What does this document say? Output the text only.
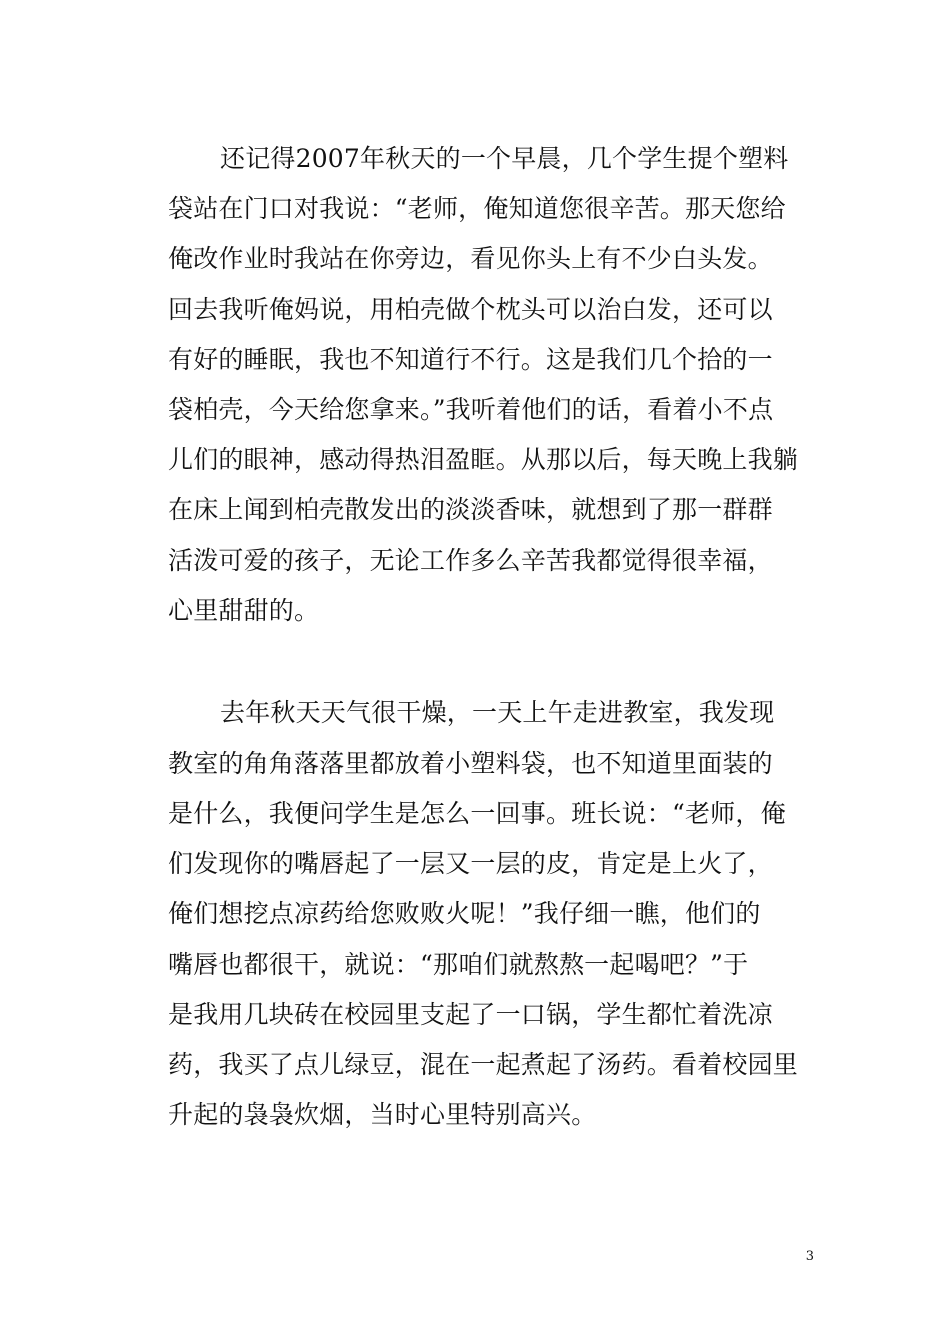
还记得2007年秋天的一个早晨，几个学生提个塑料
袋站在门口对我说：“老师，俺知道您很辛苦。那天您给
俺改作业时我站在你旁边，看见你头上有不少白头发。
回去我听俺妈说，用柏壳做个枕头可以治白发，还可以
有好的睡眠，我也不知道行不行。这是我们几个拾的一
袋柏壳，今天给您拿来。”我听着他们的话，看着小不点
儿们的眼神，感动得热泪盈眶。从那以后，每天晚上我躺
在床上闻到柏壳散发出的淡淡香味，就想到了那一群群
活泼可爱的孩子，无论工作多么辛苦我都觉得很幸福，
心里甜甜的。
去年秋天天气很干燥，一天上午走进教室，我发现
教室的角角落落里都放着小塑料袋，也不知道里面装的
是什么，我便问学生是怎么一回事。班长说：“老师，俺
们发现你的嘴唇起了一层又一层的皮，肯定是上火了，
俺们想挖点凉药给您败败火呢！”我仔细一瞧，他们的
嘴唇也都很干，就说：“那咱们就熬熬一起喝吧？”于
是我用几块砖在校园里支起了一口锅，学生都忙着洗凉
药，我买了点儿绿豆，混在一起煮起了汤药。看着校园里
升起的袅袅炊烟，当时心里特别高兴。
3
